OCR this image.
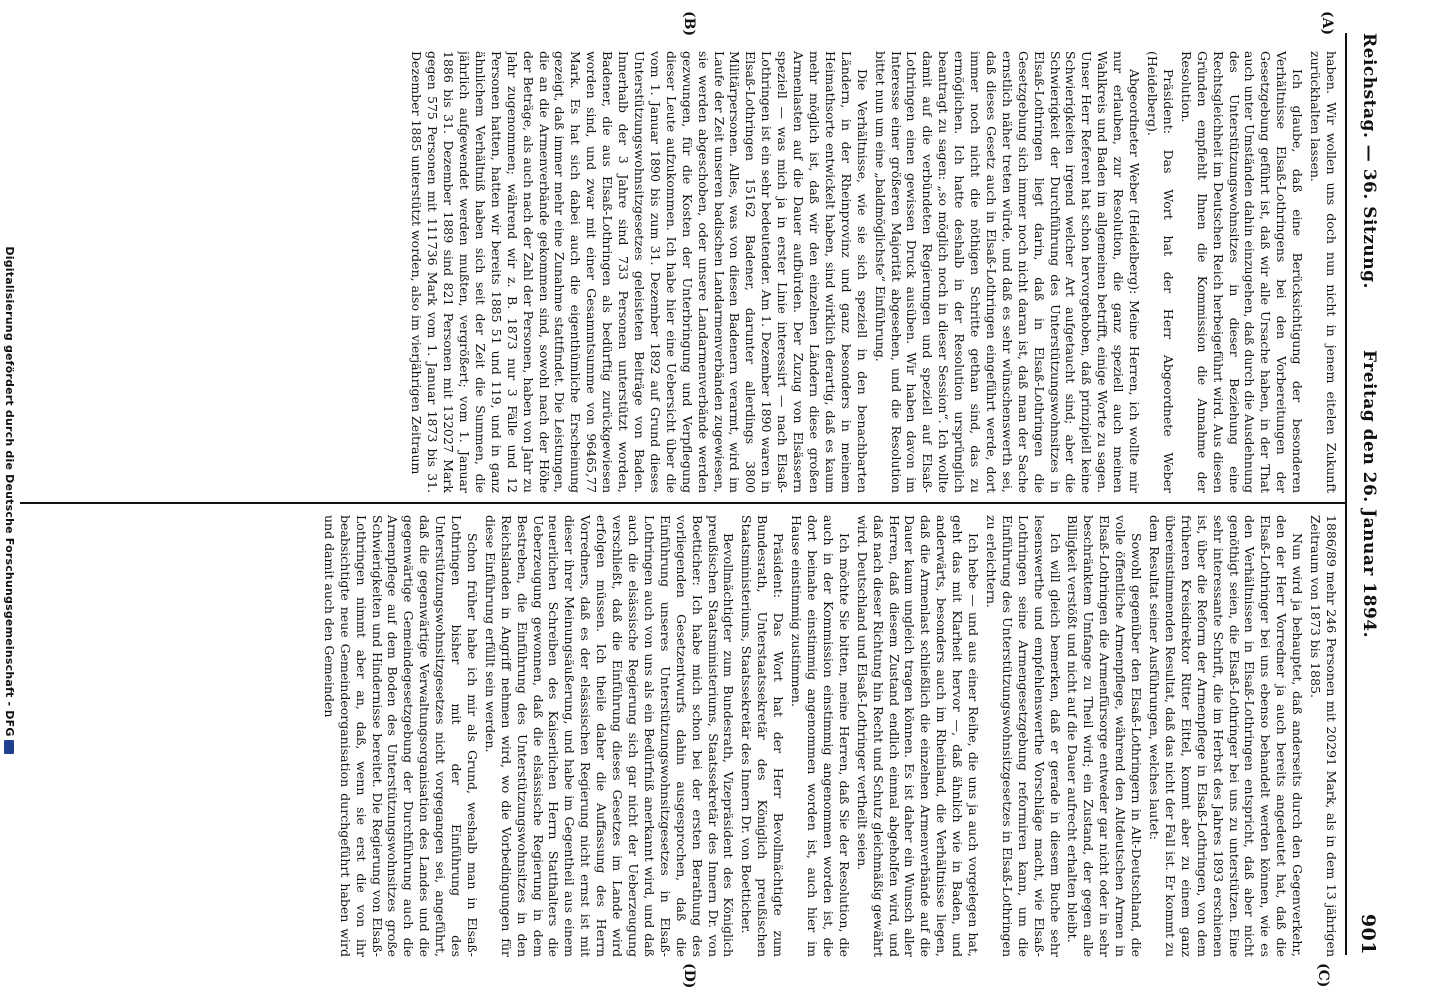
Reichstag. — 36. Sitzung.
Freitag den 26. Januar 1894.
901
(A)
(B)
(C)
(D)

haben. Wir wollen uns doch nun nicht in jenem eitelen Zukunft zurückhalten lassen.

Ich glaube, daß eine Berücksichtigung der besonderen Verhältnisse Elsaß-Lothringens bei den Vorbereitungen der Gesetzgebung geführt ist, daß wir alle Ursache haben, in der That auch unter Umständen dahin einzugehen, daß durch die Ausdehnung des Unterstützungswohnsitzes in dieser Beziehung eine Rechtsgleichheit im Deutschen Reich herbeigeführt wird. Aus diesen Gründen empfiehlt Ihnen die Kommission die Annahme der Resolution.

Präsident: Das Wort hat der Herr Abgeordnete Weber (Heidelberg).

Abgeordneter Weber (Heidelberg): Meine Herren, ich wollte mir nur erlauben, zur Resolution, die ganz speziell auch meinen Wahlkreis und Baden im allgemeinen betrifft, einige Worte zu sagen. Unser Herr Referent hat schon hervorgehoben, daß prinzipiell keine Schwierigkeiten irgend welcher Art aufgetaucht sind; aber die Schwierigkeit der Durchführung des Unterstützungswohnsitzes in Elsaß-Lothringen liegt darin, daß in Elsaß-Lothringen die Gesetzgebung sich immer noch nicht daran ist, daß man der Sache ernstlich näher treten würde, und daß es sehr wünschenswerth sei, daß dieses Gesetz auch in Elsaß-Lothringen eingeführt werde, dort immer noch nicht die nöthigen Schritte gethan sind, das zu ermöglichen. Ich hatte deshalb in der Resolution ursprünglich beantragt zu sagen: „so möglich noch in dieser Session“. Ich wollte damit auf die verbündeten Regierungen und speziell auf Elsaß-Lothringen einen gewissen Druck ausüben. Wir haben davon im Interesse einer größeren Majorität abgesehen, und die Resolution bittet nun um eine „baldmöglichste“ Einführung.

Die Verhältnisse, wie sie sich speziell in den benachbarten Ländern, in der Rheinprovinz und ganz besonders in meinem Heimathsorte entwickelt haben, sind wirklich derartig, daß es kaum mehr möglich ist, daß wir den einzelnen Ländern diese großen Armenlasten auf die Dauer aufbürden. Der Zuzug von Elsässern speziell — was mich ja in erster Linie interessirt — nach Elsaß-Lothringen ist ein sehr bedeutender. Am 1. Dezember 1890 waren in Elsaß-Lothringen 15162 Badener, darunter allerdings 3800 Militärpersonen. Alles, was von diesen Badenern verarmt, wird im Laufe der Zeit unseren badischen Landarmenverbänden zugewiesen, sie werden abgeschoben, oder unsere Landarmenverbände werden gezwungen, für die Kosten der Unterbringung und Verpflegung dieser Leute aufzukommen. Ich habe hier eine Uebersicht über die vom 1. Januar 1890 bis zum 31. Dezember 1892 auf Grund dieses Unterstützungswohnsitzgesetzes geleisteten Beiträge von Baden. Innerhalb der 3 Jahre sind 733 Personen unterstützt worden, Badener, die aus Elsaß-Lothringen als bedürftig zurückgewiesen worden sind, und zwar mit einer Gesammtsumme von 96465,77 Mark. Es hat sich dabei auch die eigenthümliche Erscheinung gezeigt, daß immer mehr eine Zunahme stattfindet. Die Leistungen, die an die Armenverbände gekommen sind, sowohl nach der Höhe der Beträge, als auch nach der Zahl der Personen, haben von Jahr zu Jahr zugenommen; während wir z. B. 1873 nur 3 Fälle und 12 Personen hatten, hatten wir bereits 1885 51 und 119, und in ganz ähnlichem Verhältniß haben sich seit der Zeit die Summen, die jährlich aufgewendet werden mußten, vergrößert; vom 1. Januar 1886 bis 31. Dezember 1889 sind 821 Personen mit 132027 Mark gegen 575 Personen mit 111736 Mark vom 1. Januar 1873 bis 31. Dezember 1885 unterstützt worden, also im vierjährigen Zeitraum

1886/89 mehr 246 Personen mit 20291 Mark, als in dem 13 jährigen Zeitraum von 1873 bis 1885.

Nun wird ja behauptet, daß anderseits durch den Gegenverkehr, den der Herr Vorredner ja auch bereits angedeutet hat, daß die Elsaß-Lothringer bei uns ebenso behandelt werden können, wie es den Verhältnissen in Elsaß-Lothringen entspricht, daß aber nicht genöthigt seien, die Elsaß-Lothringer bei uns zu unterstützen. Eine sehr interessante Schrift, die im Herbst des Jahres 1893 erschienen ist, über die Reform der Armenpflege in Elsaß-Lothringen, von dem früheren Kreisdirektor Ritter Eittel, kommt aber zu einem ganz übereinstimmenden Resultat, daß das nicht der Fall ist. Er kommt zu dem Resultat seiner Ausführungen, welches lautet:

Sowohl gegenüber den Elsaß-Lothringern in Alt-Deutschland, die volle öffentliche Armenpflege, während den Altdeutschen Armen in Elsaß-Lothringen die Armenfürsorge entweder gar nicht oder in sehr beschränktem Umfange zu Theil wird; ein Zustand, der gegen alle Billigkeit verstößt und nicht auf die Dauer aufrecht erhalten bleibt.

Ich will gleich bemerken, daß er gerade in diesem Buche sehr lesenswerthe und empfehlenswerthe Vorschläge macht, wie Elsaß-Lothringen seine Armengesetzgebung reformiren kann, um die Einführung des Unterstützungswohnsitzgesetzes in Elsaß-Lothringen zu erleichtern.

Ich hebe — und aus einer Reihe, die uns ja auch vorgelegen hat, geht das mit Klarheit hervor —, daß ähnlich wie in Baden, und anderwärts, besonders auch im Rheinland, die Verhältnisse liegen, daß die Armenlast schließlich die einzelnen Armenverbände auf die Dauer kaum ungleich tragen können. Es ist daher ein Wunsch aller Herren, daß diesem Zustand endlich einmal abgeholfen wird, und daß nach dieser Richtung hin Recht und Schutz gleichmäßig gewährt wird. Deutschland und Elsaß-Lothringer vertheilt seien.

Ich möchte Sie bitten, meine Herren, daß Sie der Resolution, die auch in der Kommission einstimmig angenommen worden ist, die dort beinahe einstimmig angenommen worden ist, auch hier im Hause einstimmig zustimmen.

Präsident: Das Wort hat der Herr Bevollmächtigte zum Bundesrath, Unterstaatssekretär des Königlich preußischen Staatsministeriums, Staatssekretär des Innern Dr. von Boetticher.

Bevollmächtigter zum Bundesrath, Vizepräsident des Königlich preußischen Staatsministeriums, Staatssekretär des Innern Dr. von Boetticher: Ich habe mich schon bei der ersten Berathung des vorliegenden Gesetzentwurfs dahin ausgesprochen, daß die Einführung unseres Unterstützungswohnsitzgesetzes in Elsaß-Lothringen auch von uns als ein Bedürfniß anerkannt wird, und daß auch die elsässische Regierung sich gar nicht der Ueberzeugung verschließt, daß die Einführung dieses Gesetzes im Lande wird erfolgen müssen. Ich theile daher die Auffassung des Herrn Vorredners, daß es der elsässischen Regierung nicht ernst ist mit dieser ihrer Meinungsäußerung, und habe im Gegentheil aus einem neuerlichen Schreiben des Kaiserlichen Herrn Statthalters die Ueberzeugung gewonnen, daß die elsässische Regierung in dem Bestreben, die Einführung des Unterstützungswohnsitzes in den Reichslanden in Angriff nehmen wird, wo die Vorbedingungen für diese Einführung erfüllt sein werden.

Schon früher habe ich mir als Grund, weshalb man in Elsaß-Lothringen bisher mit der Einführung des Unterstützungswohnsitzgesetzes nicht vorgegangen sei, angeführt, daß die gegenwärtige Verwaltungsorganisation des Landes und die gegenwärtige Gemeindegesetzgebung der Durchführung auch die Armenpflege auf dem Boden des Unterstützungswohnsitzes große Schwierigkeiten und Hindernisse bereitet. Die Regierung von Elsaß-Lothringen nimmt aber an, daß, wenn sie erst die von ihr beabsichtigte neue Gemeindeorganisation durchgeführt haben wird und damit auch den Gemeinden

Digitalisierung gefördert durch die Deutsche Forschungsgemeinschaft - DFG
